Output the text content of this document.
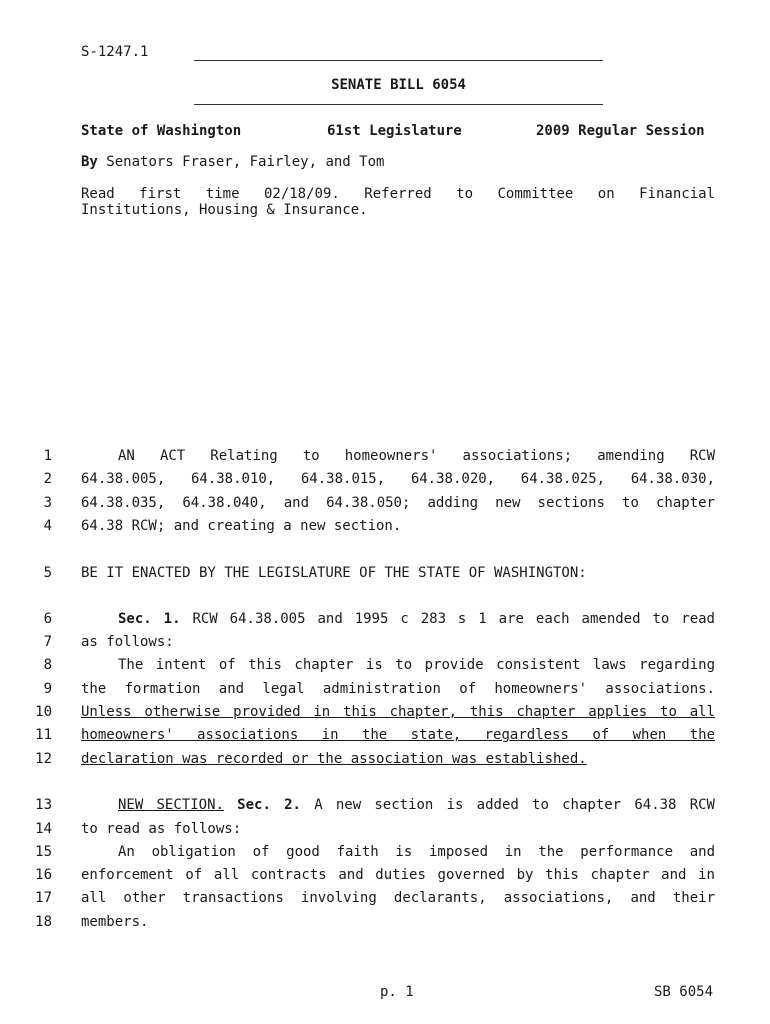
S-1247.1
SENATE BILL 6054
State of Washington	61st Legislature	2009 Regular Session
By Senators Fraser, Fairley, and Tom
Read first time 02/18/09. Referred to Committee on Financial
Institutions, Housing & Insurance.
1	AN ACT Relating to homeowners' associations; amending RCW
2 64.38.005, 64.38.010, 64.38.015, 64.38.020, 64.38.025, 64.38.030,
3 64.38.035, 64.38.040, and 64.38.050; adding new sections to chapter
4 64.38 RCW; and creating a new section.
5 BE IT ENACTED BY THE LEGISLATURE OF THE STATE OF WASHINGTON:
6	Sec. 1. RCW 64.38.005 and 1995 c 283 s 1 are each amended to read
7 as follows:
8	The intent of this chapter is to provide consistent laws regarding
9 the formation and legal administration of homeowners' associations.
10 Unless otherwise provided in this chapter, this chapter applies to all
11 homeowners' associations in the state, regardless of when the
12 declaration was recorded or the association was established.
13	NEW SECTION. Sec. 2. A new section is added to chapter 64.38 RCW
14 to read as follows:
15	An obligation of good faith is imposed in the performance and
16 enforcement of all contracts and duties governed by this chapter and in
17 all other transactions involving declarants, associations, and their
18 members.
p. 1	SB 6054
